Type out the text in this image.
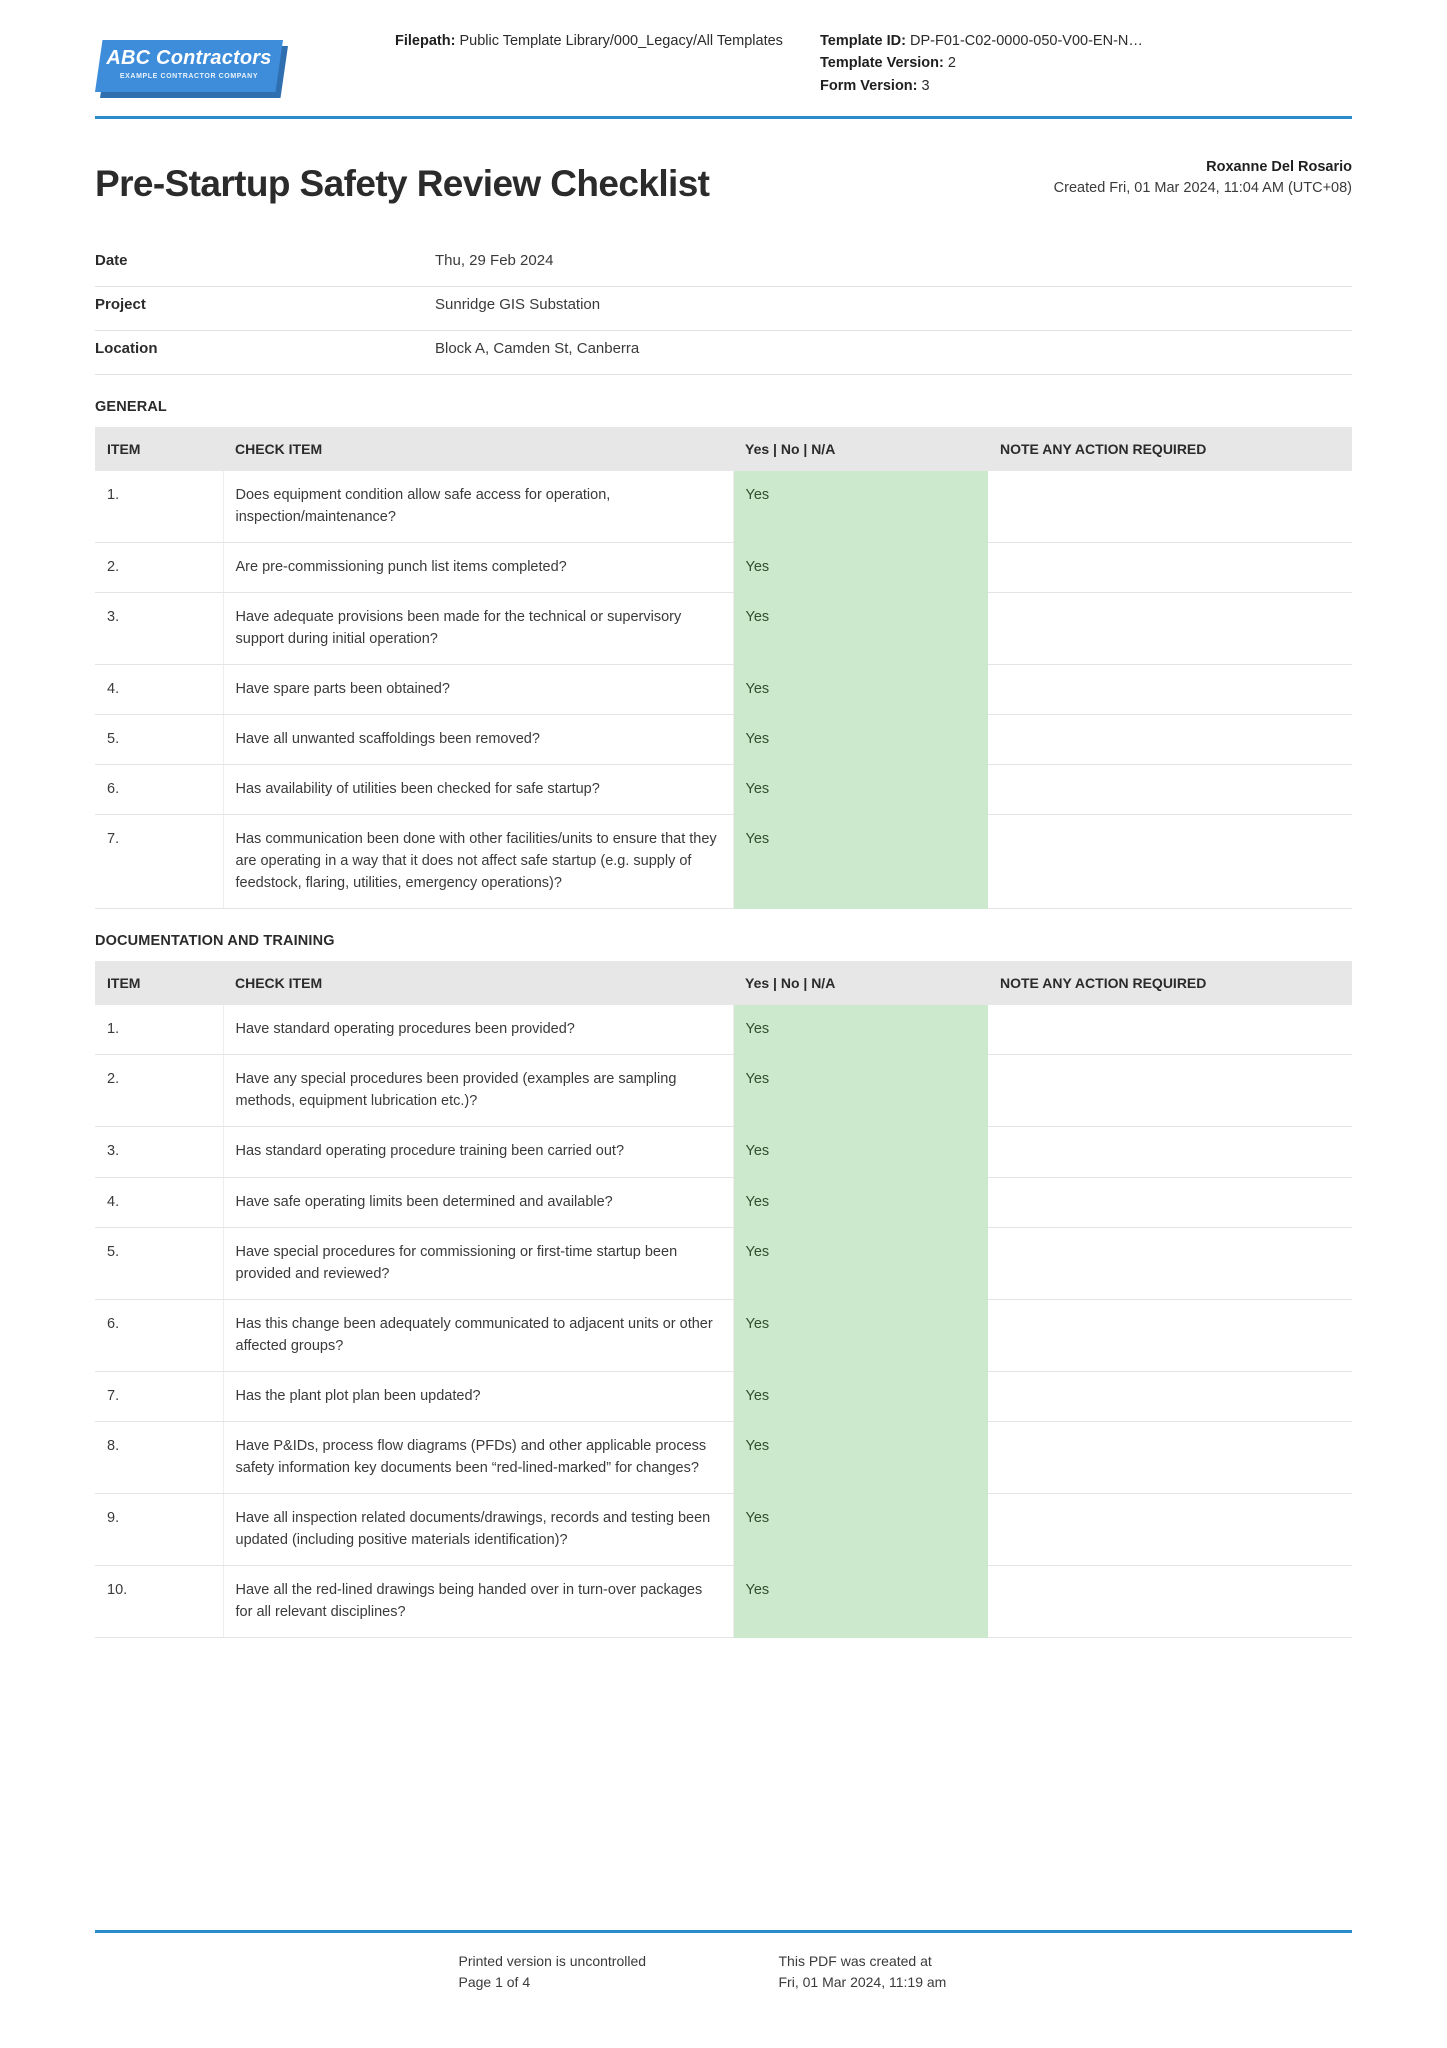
ABC Contractors
EXAMPLE CONTRACTOR COMPANY
Filepath: Public Template Library/000_Legacy/All Templates	Template ID: DP-F01-C02-0000-050-V00-EN-N…
Template Version: 2
Form Version: 3
Pre-Startup Safety Review Checklist	Roxanne Del Rosario
Created Fri, 01 Mar 2024, 11:04 AM (UTC+08)
Date	Thu, 29 Feb 2024
Project	Sunridge GIS Substation
Location	Block A, Camden St, Canberra
GENERAL
ITEM	CHECK ITEM	Yes | No | N/A	NOTE ANY ACTION REQUIRED
1.	Does equipment condition allow safe access for operation, inspection/maintenance?	Yes	
2.	Are pre-commissioning punch list items completed?	Yes	
3.	Have adequate provisions been made for the technical or supervisory support during initial operation?	Yes	
4.	Have spare parts been obtained?	Yes	
5.	Have all unwanted scaffoldings been removed?	Yes	
6.	Has availability of utilities been checked for safe startup?	Yes	
7.	Has communication been done with other facilities/units to ensure that they are operating in a way that it does not affect safe startup (e.g. supply of feedstock, flaring, utilities, emergency operations)?	Yes	
DOCUMENTATION AND TRAINING
ITEM	CHECK ITEM	Yes | No | N/A	NOTE ANY ACTION REQUIRED
1.	Have standard operating procedures been provided?	Yes	
2.	Have any special procedures been provided (examples are sampling methods, equipment lubrication etc.)?	Yes	
3.	Has standard operating procedure training been carried out?	Yes	
4.	Have safe operating limits been determined and available?	Yes	
5.	Have special procedures for commissioning or first-time startup been provided and reviewed?	Yes	
6.	Has this change been adequately communicated to adjacent units or other affected groups?	Yes	
7.	Has the plant plot plan been updated?	Yes	
8.	Have P&IDs, process flow diagrams (PFDs) and other applicable process safety information key documents been “red-lined-marked” for changes?	Yes	
9.	Have all inspection related documents/drawings, records and testing been updated (including positive materials identification)?	Yes	
10.	Have all the red-lined drawings being handed over in turn-over packages for all relevant disciplines?	Yes	
Printed version is uncontrolled
Page 1 of 4
This PDF was created at
Fri, 01 Mar 2024, 11:19 am
